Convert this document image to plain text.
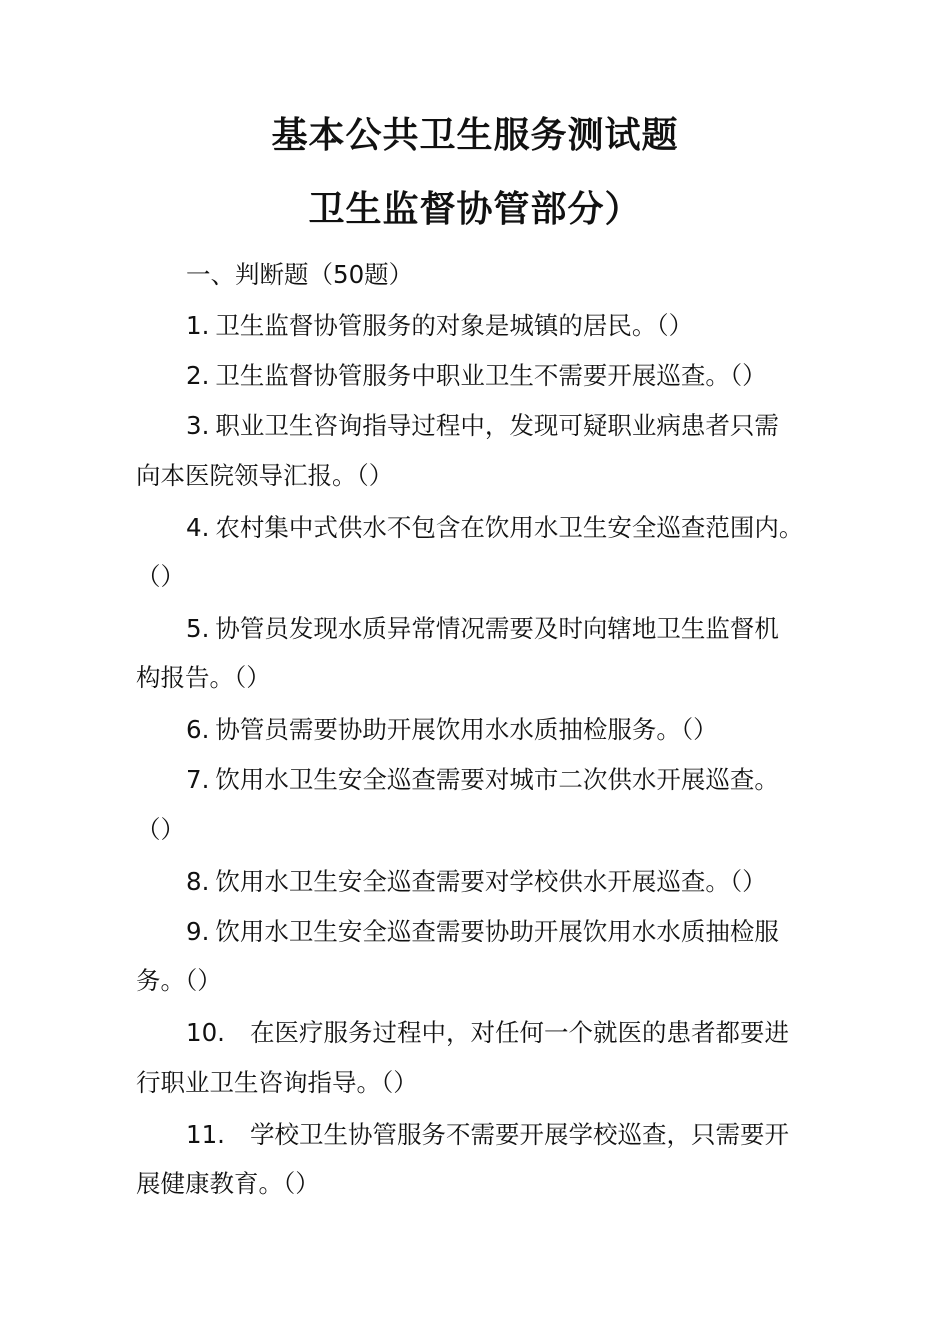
基本公共卫生服务测试题
卫生监督协管部分）
一、判断题（50题）
1. 卫生监督协管服务的对象是城镇的居民。（）
2. 卫生监督协管服务中职业卫生不需要开展巡查。（）
3. 职业卫生咨询指导过程中，发现可疑职业病患者只需
向本医院领导汇报。（）
4. 农村集中式供水不包含在饮用水卫生安全巡查范围内。
（）
5. 协管员发现水质异常情况需要及时向辖地卫生监督机
构报告。（）
6. 协管员需要协助开展饮用水水质抽检服务。（）
7. 饮用水卫生安全巡查需要对城市二次供水开展巡查。
（）
8. 饮用水卫生安全巡查需要对学校供水开展巡查。（）
9. 饮用水卫生安全巡查需要协助开展饮用水水质抽检服
务。（）
10. 在医疗服务过程中，对任何一个就医的患者都要进
行职业卫生咨询指导。（）
11. 学校卫生协管服务不需要开展学校巡查，只需要开
展健康教育。（）
